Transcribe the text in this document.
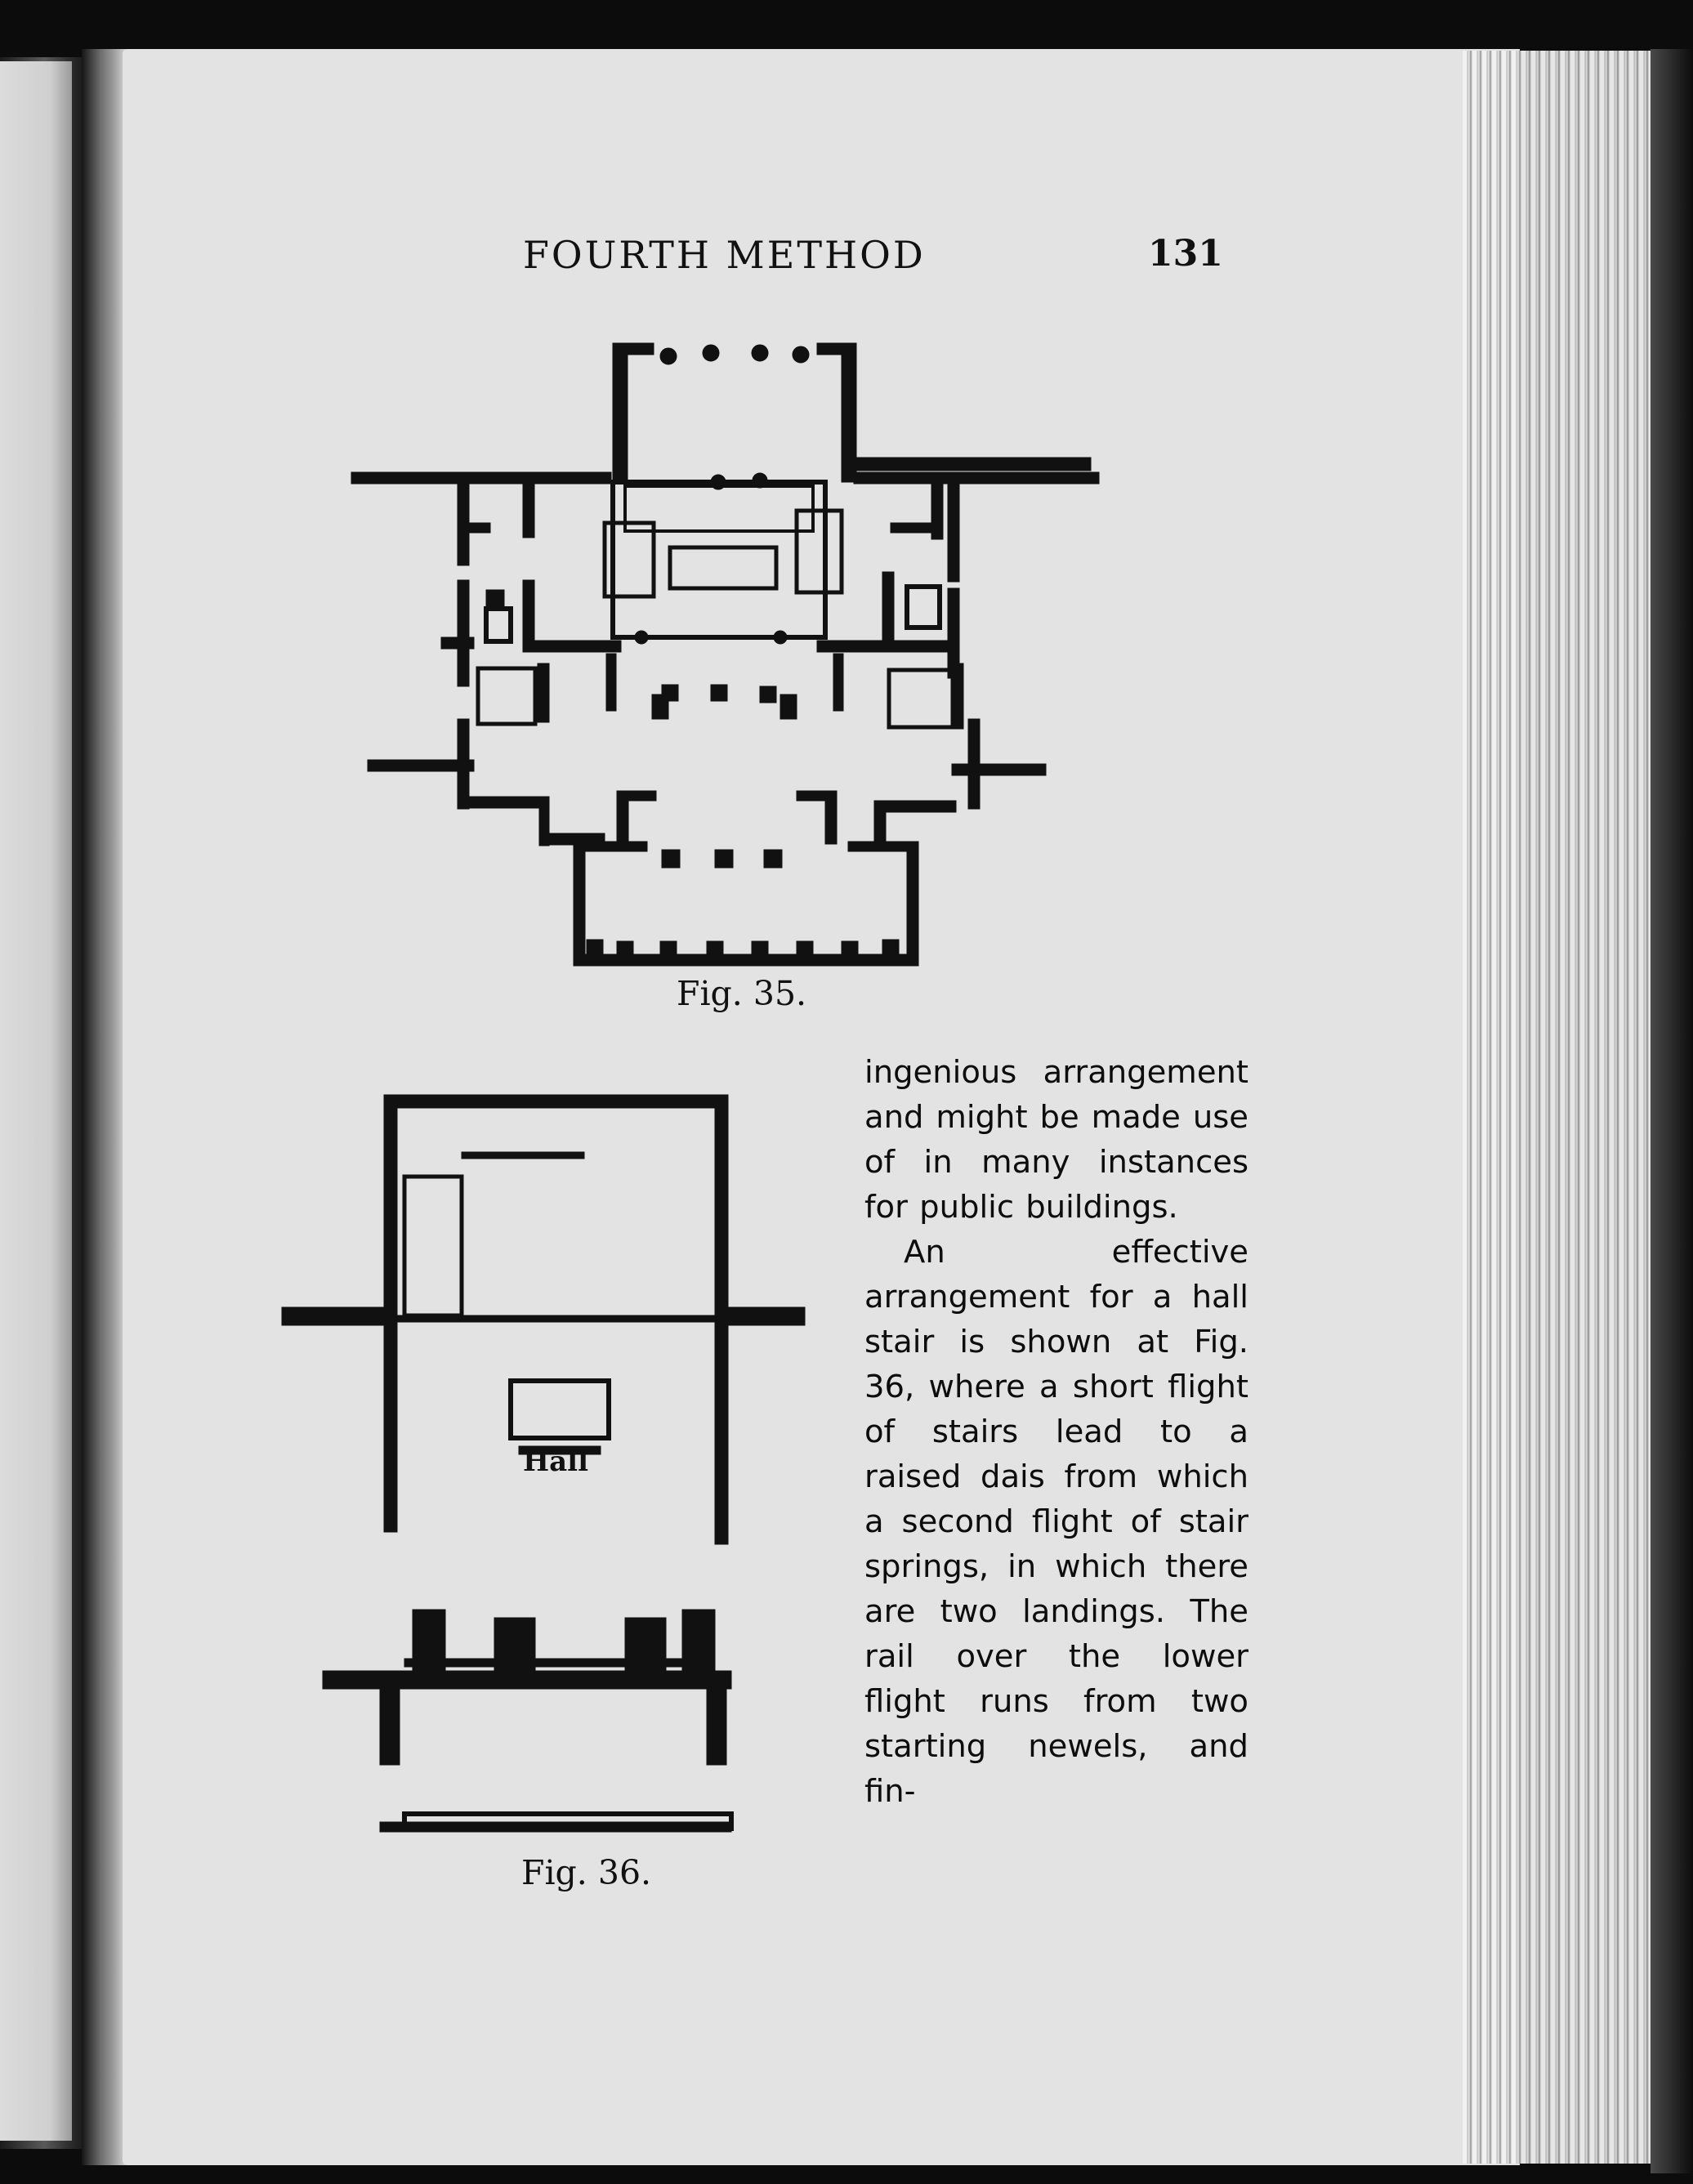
FOURTH METHOD	131
Hall
Fig. 35.
Fig. 36.

ingenious arrangement and might be made use of in many instances for public buildings.

An effective arrangement for a hall stair is shown at Fig. 36, where a short flight of stairs lead to a raised dais from which a second flight of stair springs, in which there are two landings. The rail over the lower flight runs from two starting newels, and fin-
